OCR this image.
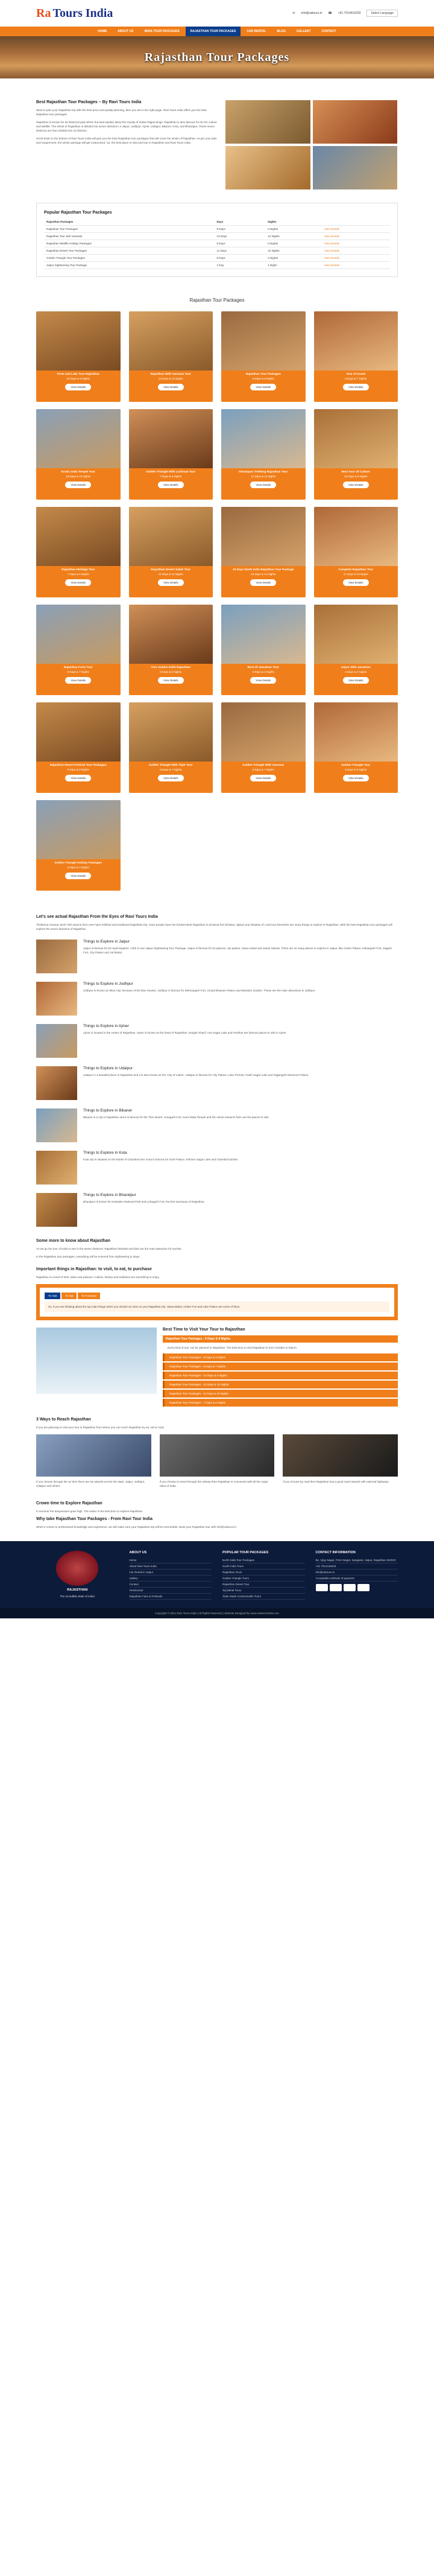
Ra Tours India	✉ info@raitours.in ☎ +91 7014416203	Select Language
HOME	ABOUT US	INDIA TOUR PACKAGES	RAJASTHAN TOUR PACKAGES	CAR RENTAL	BLOG	GALLERY	CONTACT
Rajasthan Tour Packages
Best Rajasthan Tour Packages – By Ravi Tours India
Want to plan your Rajasthan trip with the best price and quality planning, then you are in the right page. Ravi Tours India offers you the best Rajasthan tour packages.
Rajasthan is known for its historical past where the land speaks about the royalty of Indian Rajput kings. Rajasthan is also famous for its rich culture and wildlife. The whole of Rajasthan is divided into seven divisions i.e Jaipur, Jodhpur, Ajmer, Udaipur, Bikaner, Kota, and Bharatpur. These seven divisions are then divided into 33 districts.
Scroll down to the bottom of Ravi Tours India will give you the best Rajasthan tour packages that will cover the whole of Rajasthan. As per your plan and requirement, the whole package will get customized. So, the best place to visit and tour in Rajasthan and Ravi Tours India.
Popular Rajasthan Tour Packages
Rajasthan Packages	Days	Nights	
Rajasthan Tour Packages	9 Days	8 Nights	View Details
Rajasthan Tour with Varanasi	13 Days	12 Nights	View Details
Rajasthan Wildlife Holiday Packages	9 Days	8 Nights	View Details
Rajasthan Desert Tour Packages	11 Days	10 Nights	View Details
Golden Triangle Tour Packages	5 Days	4 Nights	View Details
Jaipur Sightseeing Tour Package	1 Day	1 Night	View Details
Rajasthan Tour Packages
Forts and Lake Tour Rajasthan
10 Days & 9 Nights
View Details
Rajasthan With Varanasi Tour
13 Days & 12 Nights
View Details
Rajasthan Tour Packages
9 Days & 8 Nights
View Details
Tour of Grand
8 Days & 7 Nights
View Details
Exotic India Temple Tour
16 Days & 15 Nights
View Details
Golden Triangle With Lucknow Tour
7 Days & 6 Nights
View Details
Himalayan Trekking Rajasthan Tour
12 Days & 11 Nights
View Details
Best Tour Of Culture
10 Days & 9 Nights
View Details
Rajasthan Heritage Tour
7 Days & 6 Nights
View Details
Rajasthan Desert Safari Tour
11 Days & 10 Nights
View Details
15 Days North India Rajasthan Tour Package
15 Days & 14 Nights
View Details
Complete Rajasthan Tour
17 Days & 16 Nights
View Details
Rajasthan Forts Tour
8 Days & 7 Nights
View Details
Tour Golden Delhi Rajasthan
6 Days & 5 Nights
View Details
Best Of Jaisalmer Tour
5 Days & 4 Nights
View Details
Jaipur With Jaisalmer
4 Days & 3 Nights
View Details
Rajasthan Desert Festival Tour Packages
9 Days & 8 Nights
View Details
Golden Triangle With Tiger Tour
8 Days & 7 Nights
View Details
Golden Triangle With Varanasi
8 Days & 7 Nights
View Details
Golden Triangle Tour
6 Days & 5 Nights
View Details
Golden Triangle Holiday Packages
5 Days & 4 Nights
View Details
Let's see actual Rajasthan From the Eyes of Ravi Tours India
Tholkarna Amanat Jenti? Did anyone from ever have relished and traditional Rajasthan trip. Have people have the booked Best Rajasthan is all about fort (Khabar, Jaipur) and Shadow of t and tour itineraries are many things to explore in Rajasthan. With the best Rajasthan tour packages will explore the seven divisions of Rajasthan.
Things to Explore in Jaipur
Jaipur is famous for its royal kingdom. Click to see Jaipur Sightseeing Tour Package. Jaipur is famous for its palaces, city palace, hawa mahal and Jantar Mantar. There are so many places to explore in Jaipur, like Amber Palace, Nahargarh Fort, Jaigarh Fort, City Palace and Jal Mahal.
Things to Explore in Jodhpur
Jodhpur is known as 'Blue City' because of the blue houses. Jodhpur is famous for Mehrangarh Fort, Umaid Bhawan Palace and Mandore Garden. These are the main attractions in Jodhpur.
Things to Explore in Ajmer
Ajmer is located in the center of Rajasthan. Ajmer is known as the heart of Rajasthan. Dargah Sharif, Ana Sagar Lake and Pushkar are famous places to visit in Ajmer.
Things to Explore in Udaipur
Udaipur is a beautiful place in Rajasthan and it is also known as the 'City of Lakes'. Udaipur is famous for City Palace, Lake Pichola, Fateh Sagar Lake and Sajjangarh Monsoon Palace.
Things to Explore in Bikaner
Bikaner is a city in Rajasthan and it is famous for the Thar desert. Junagarh Fort, Karni Mata Temple and the camel research farm are the places to visit.
Things to Explore in Kota
Kota city is situated on the banks of Chambal river. Kota is famous for Garh Palace, Kishore Sagar Lake and Chambal Garden.
Things to Explore in Bharatpur
Bharatpur is known for Keoladeo National Park and Lohagarh Fort, the bird sanctuary of Rajasthan.
Some more to know about Rajasthan
As we go the tour of India to see in the seven divisions. Rajasthan festivals and fairs are the main attraction for tourists.
In the Rajasthan tour packages, everything will be ensured from sightseeing to stays.
Important things in Rajasthan: to visit, to eat, to purchase
Rajasthan is a land of forts, lakes and palaces. Culture, history and traditions are something to enjoy.
To Visit	To Eat	To Purchase
So, if you are thinking about the top main things which you should not miss on your Rajasthan trip. Hawa Mahal, Amber Fort and Lake Palace are some of them.
Best Time to Visit Your Tour to Rajasthan
Rajasthan Tour Packages - 9 Days & 8 Nights
Every kind of tour can be planned in Rajasthan. The best time to visit Rajasthan is from October to March.
Rajasthan Tour Packages - 9 Days & 8 Nights
Rajasthan Tour Packages - 8 Days & 7 Nights
Rajasthan Tour Packages - 10 Days & 9 Nights
Rajasthan Tour Packages - 13 Days & 12 Nights
Rajasthan Tour Packages - 11 Days & 10 Nights
Rajasthan Tour Packages - 7 Days & 6 Nights
3 Ways to Reach Rajasthan
If you are planning to visit your tour in Rajasthan from where you can reach Rajasthan by air, rail or road.
If you choose through the air then there are six airports across the state: Jaipur, Jodhpur, Udaipur and others.
If you choose to travel through the railway then Rajasthan is connected with all the major cities of India.
If you choose by road then Rajasthan has a good road network with national highways.
Crown time to Explore Rajasthan
In summer the temperature goes high. The winter is the best time to explore Rajasthan.
Why take Rajasthan Tour Packages - From Ravi Tour India
When it comes to professional knowledge and experience, we will make sure your Rajasthan trip will be memorable. Book your Rajasthan tour with info@raitours.in.
RAJASTHAN
The Incredible State of India!
ABOUT US
Home
About Ravi Tours India
Car Rental in Jaipur
Gallery
Contact
Testimonial
Rajasthan Fairs & Festivals
POPULAR TOUR PACKAGES
North India Tour Packages
South India Tours
Rajasthan Tours
Golden Triangle Tours
Rajasthan Desert Tour
Taj Mahal Tours
Tailor Made Customizable Tours
CONTACT INFORMATION
B1, Vijay Nagar, Prem Nagar, Sanganer, Jaipur, Rajasthan 302033
+91 7014416203
info@raitours.in
Acceptable methods of payment
Copyright © 2021 Ravi Tours India | All Rights Reserved | Website Designed by www.cutetechindia.com
